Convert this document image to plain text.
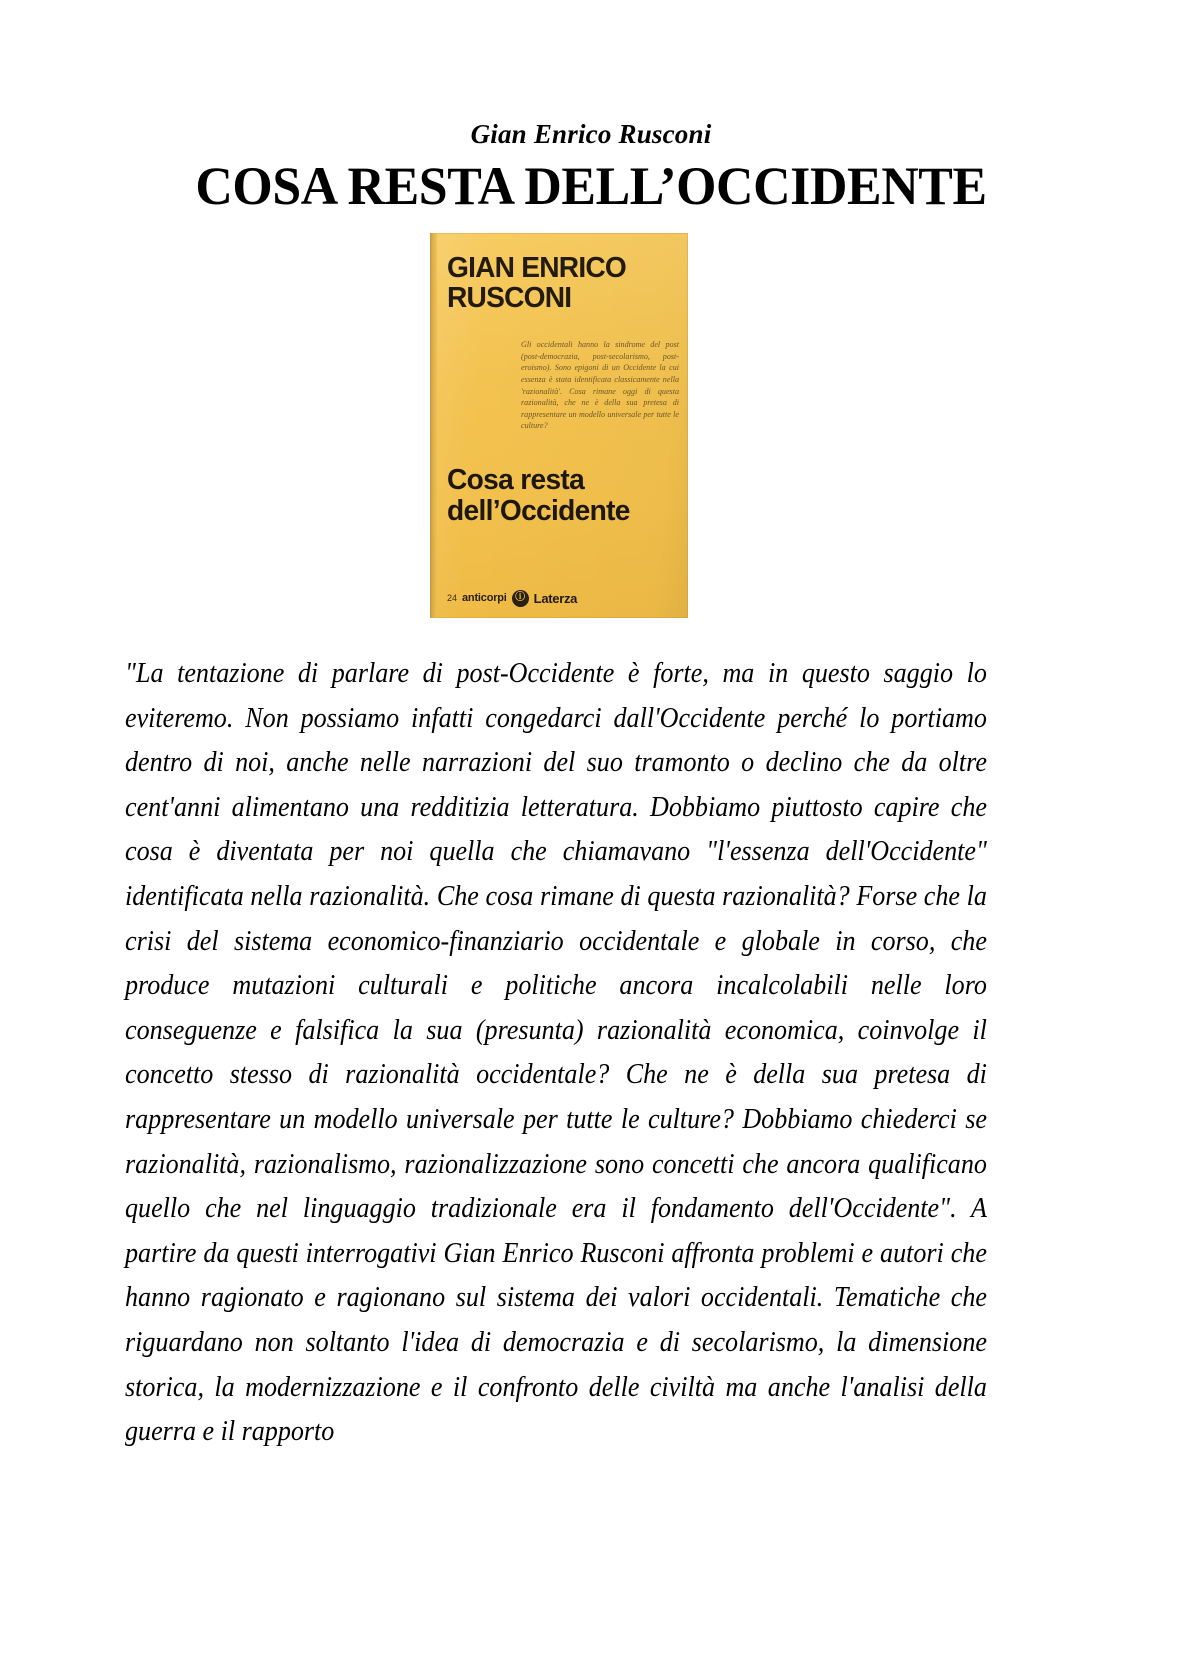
Gian Enrico Rusconi
COSA RESTA DELL’OCCIDENTE
GIAN ENRICO RUSCONI
Gli occidentali hanno la sindrome del post (post-democrazia, post-secolarismo, post-eroismo). Sono epigoni di un Occidente la cui essenza è stata identificata classicamente nella 'razionalità'. Cosa rimane oggi di questa razionalità, che ne è della sua pretesa di rappresentare un modello universale per tutte le culture?
Cosa resta dell’Occidente
24 anticorpi ⓘ Laterza
"La tentazione di parlare di post-Occidente è forte, ma in questo saggio lo eviteremo. Non possiamo infatti congedarci dall'Occidente perché lo portiamo dentro di noi, anche nelle narrazioni del suo tramonto o declino che da oltre cent'anni alimentano una redditizia letteratura. Dobbiamo piuttosto capire che cosa è diventata per noi quella che chiamavano "l'essenza dell'Occidente" identificata nella razionalità. Che cosa rimane di questa razionalità? Forse che la crisi del sistema economico-finanziario occidentale e globale in corso, che produce mutazioni culturali e politiche ancora incalcolabili nelle loro conseguenze e falsifica la sua (presunta) razionalità economica, coinvolge il concetto stesso di razionalità occidentale? Che ne è della sua pretesa di rappresentare un modello universale per tutte le culture? Dobbiamo chiederci se razionalità, razionalismo, razionalizzazione sono concetti che ancora qualificano quello che nel linguaggio tradizionale era il fondamento dell'Occidente". A partire da questi interrogativi Gian Enrico Rusconi affronta problemi e autori che hanno ragionato e ragionano sul sistema dei valori occidentali. Tematiche che riguardano non soltanto l'idea di democrazia e di secolarismo, la dimensione storica, la modernizzazione e il confronto delle civiltà ma anche l'analisi della guerra e il rapporto
